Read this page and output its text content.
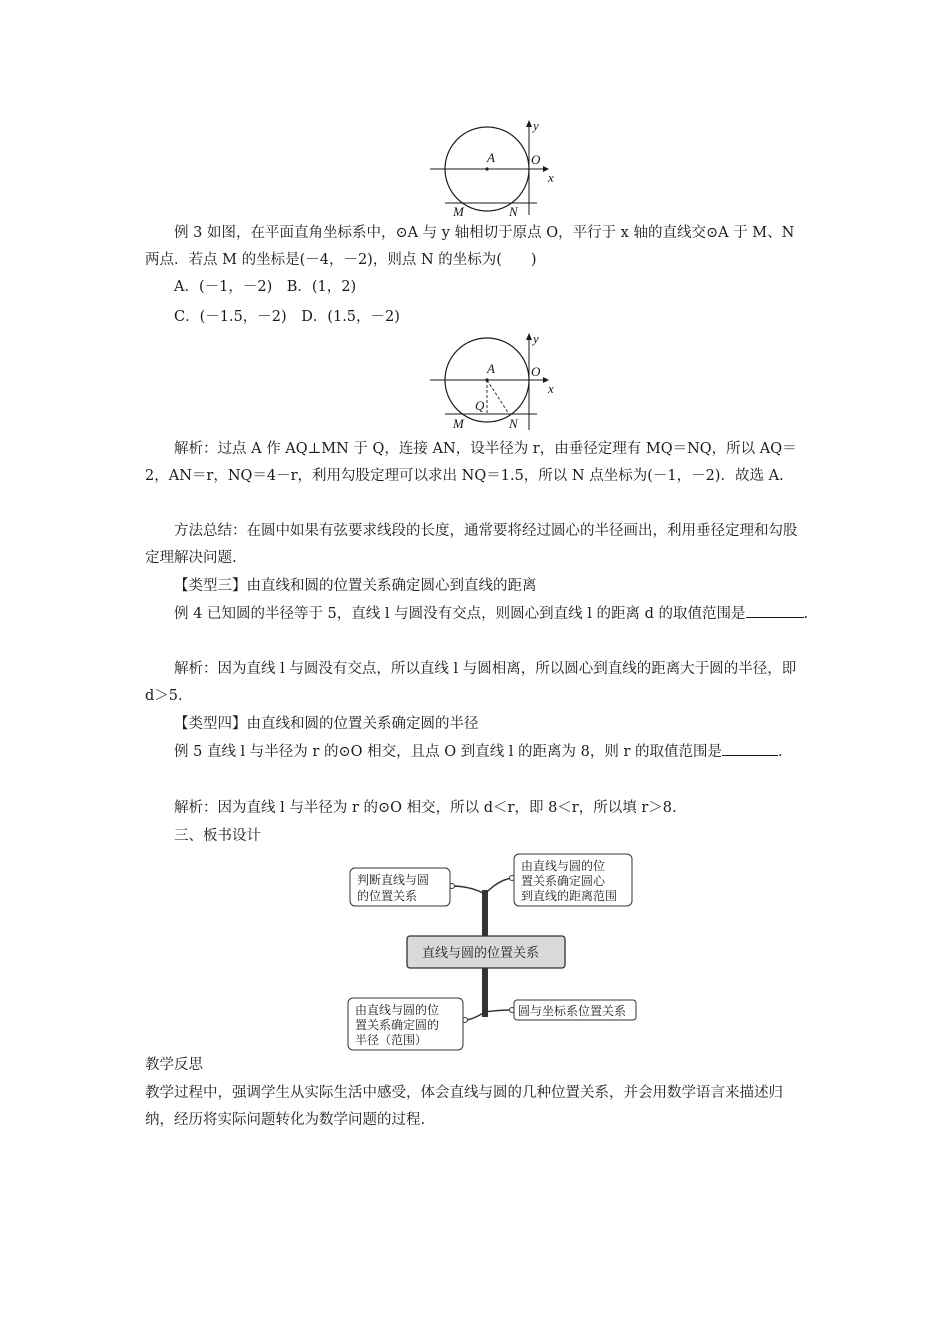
y
A	O
x
M	N

例 3 如图，在平面直角坐标系中，⊙A 与 y 轴相切于原点 O，平行于 x 轴的直线交⊙A 于 M、N 两点．若点 M 的坐标是(－4，－2)，则点 N 的坐标为(　　)

A．(－1，－2)　B．(1，2)

C．(－1.5，－2)　D．(1.5，－2)

y
A	O
x
Q
M	N

解析：过点 A 作 AQ⊥MN 于 Q，连接 AN，设半径为 r，由垂径定理有 MQ＝NQ，所以 AQ＝2，AN＝r，NQ＝4－r，利用勾股定理可以求出 NQ＝1.5，所以 N 点坐标为(－1，－2)．故选 A.

方法总结：在圆中如果有弦要求线段的长度，通常要将经过圆心的半径画出，利用垂径定理和勾股定理解决问题.

【类型三】由直线和圆的位置关系确定圆心到直线的距离

例 4 已知圆的半径等于 5，直线 l 与圆没有交点，则圆心到直线 l 的距离 d 的取值范围是	.

解析：因为直线 l 与圆没有交点，所以直线 l 与圆相离，所以圆心到直线的距离大于圆的半径，即 d＞5.

【类型四】由直线和圆的位置关系确定圆的半径

例 5 直线 l 与半径为 r 的⊙O 相交，且点 O 到直线 l 的距离为 8，则 r 的取值范围是	.

解析：因为直线 l 与半径为 r 的⊙O 相交，所以 d＜r，即 8＜r，所以填 r＞8.

三、板书设计

判断直线与圆
的位置关系
由直线与圆的位
置关系确定圆心
到直线的距离范围
直线与圆的位置关系
由直线与圆的位
置关系确定圆的
半径（范围）
圆与坐标系位置关系

教学反思

教学过程中，强调学生从实际生活中感受，体会直线与圆的几种位置关系，并会用数学语言来描述归纳，经历将实际问题转化为数学问题的过程.
